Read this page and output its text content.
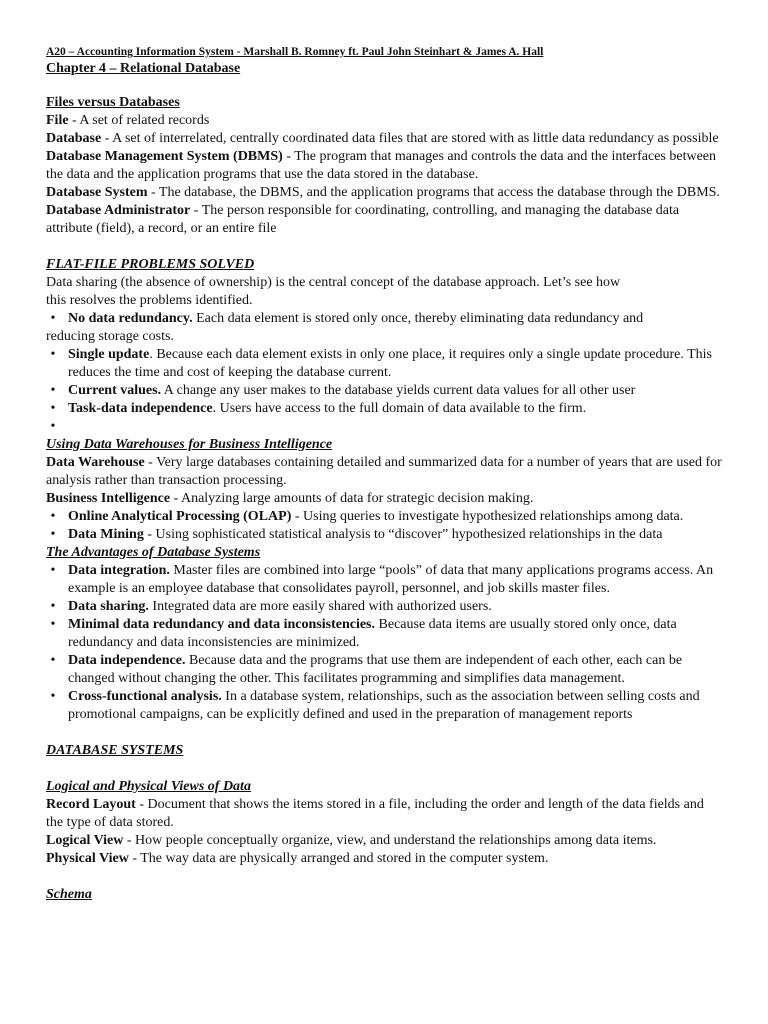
A20 – Accounting Information System - Marshall B. Romney ft. Paul John Steinhart & James A. Hall

Chapter 4 – Relational Database

Files versus Databases

File - A set of related records

Database - A set of interrelated, centrally coordinated data files that are stored with as little data redundancy as possible

Database Management System (DBMS) - The program that manages and controls the data and the interfaces between the data and the application programs that use the data stored in the database.

Database System - The database, the DBMS, and the application programs that access the database through the DBMS.

Database Administrator - The person responsible for coordinating, controlling, and managing the database data attribute (field), a record, or an entire file

FLAT-FILE PROBLEMS SOLVED

Data sharing (the absence of ownership) is the central concept of the database approach. Let’s see how

this resolves the problems identified.

• No data redundancy. Each data element is stored only once, thereby eliminating data redundancy and

reducing storage costs.

• Single update. Because each data element exists in only one place, it requires only a single update procedure. This reduces the time and cost of keeping the database current.
• Current values. A change any user makes to the database yields current data values for all other user
• Task-data independence. Users have access to the full domain of data available to the firm.
•

Using Data Warehouses for Business Intelligence

Data Warehouse - Very large databases containing detailed and summarized data for a number of years that are used for analysis rather than transaction processing.

Business Intelligence - Analyzing large amounts of data for strategic decision making.

• Online Analytical Processing (OLAP) - Using queries to investigate hypothesized relationships among data.
• Data Mining - Using sophisticated statistical analysis to “discover” hypothesized relationships in the data

The Advantages of Database Systems

• Data integration. Master files are combined into large “pools” of data that many applications programs access. An example is an employee database that consolidates payroll, personnel, and job skills master files.
• Data sharing. Integrated data are more easily shared with authorized users.
• Minimal data redundancy and data inconsistencies. Because data items are usually stored only once, data redundancy and data inconsistencies are minimized.
• Data independence. Because data and the programs that use them are independent of each other, each can be changed without changing the other. This facilitates programming and simplifies data management.
• Cross-functional analysis. In a database system, relationships, such as the association between selling costs and promotional campaigns, can be explicitly defined and used in the preparation of management reports

DATABASE SYSTEMS

Logical and Physical Views of Data

Record Layout - Document that shows the items stored in a file, including the order and length of the data fields and the type of data stored.

Logical View - How people conceptually organize, view, and understand the relationships among data items.

Physical View - The way data are physically arranged and stored in the computer system.

Schema
